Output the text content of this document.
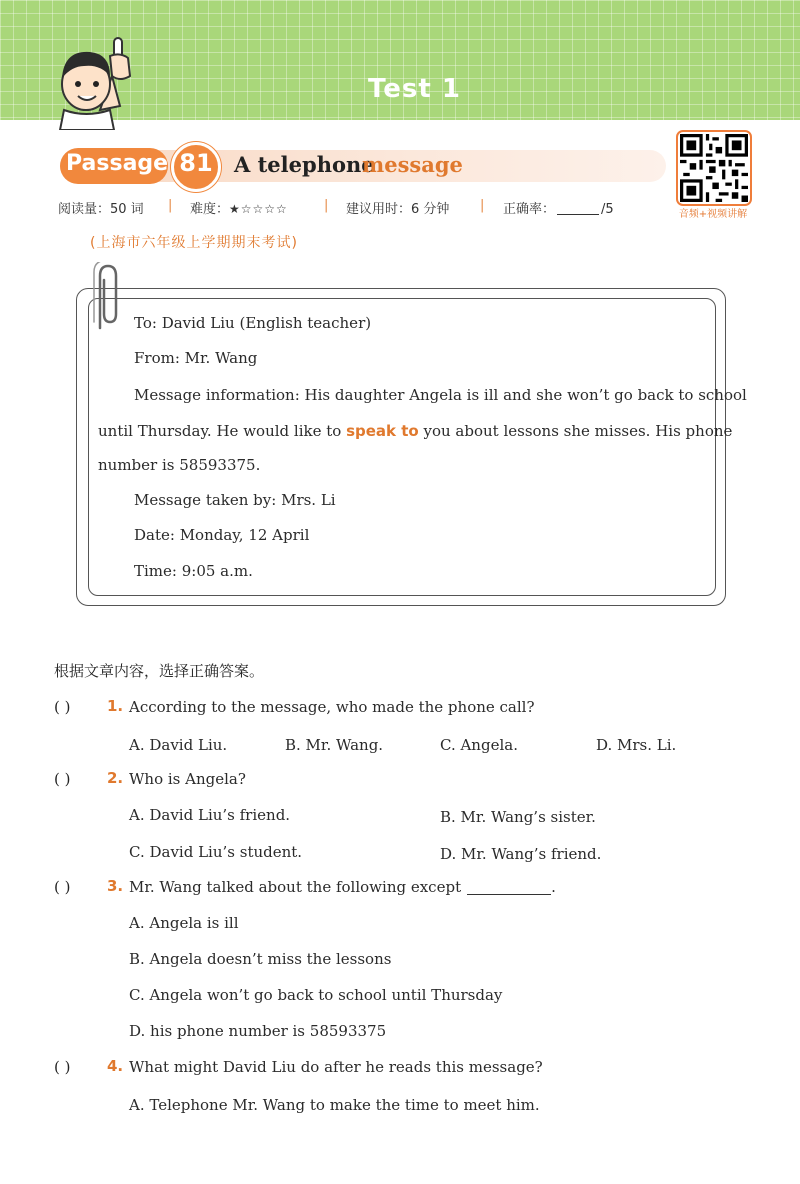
Test 1
Passage 81	A telephone
message
音频+视频讲解
阅读量：50 词 | 难度：★☆☆☆☆	| 建议用时：6 分钟 | 正确率：	/5
(上海市六年级上学期期末考试)
To: David Liu (English teacher)
From: Mr. Wang
Message information: His daughter Angela is ill and she won’t go back to school
until Thursday. He would like to speak to you about lessons she misses. His phone
number is 58593375.
Message taken by: Mrs. Li
Date: Monday, 12 April
Time: 9:05 a.m.
根据文章内容，选择正确答案。
( ) 1. According to the message, who made the phone call?
A. David Liu.	B. Mr. Wang.	C. Angela.	D. Mrs. Li.
( ) 2. Who is Angela?
A. David Liu’s friend.	B. Mr. Wang’s sister.
C. David Liu’s student.	D. Mr. Wang’s friend.
( ) 3. Mr. Wang talked about the following except	.
A. Angela is ill
B. Angela doesn’t miss the lessons
C. Angela won’t go back to school until Thursday
D. his phone number is 58593375
( ) 4. What might David Liu do after he reads this message?
A. Telephone Mr. Wang to make the time to meet him.
